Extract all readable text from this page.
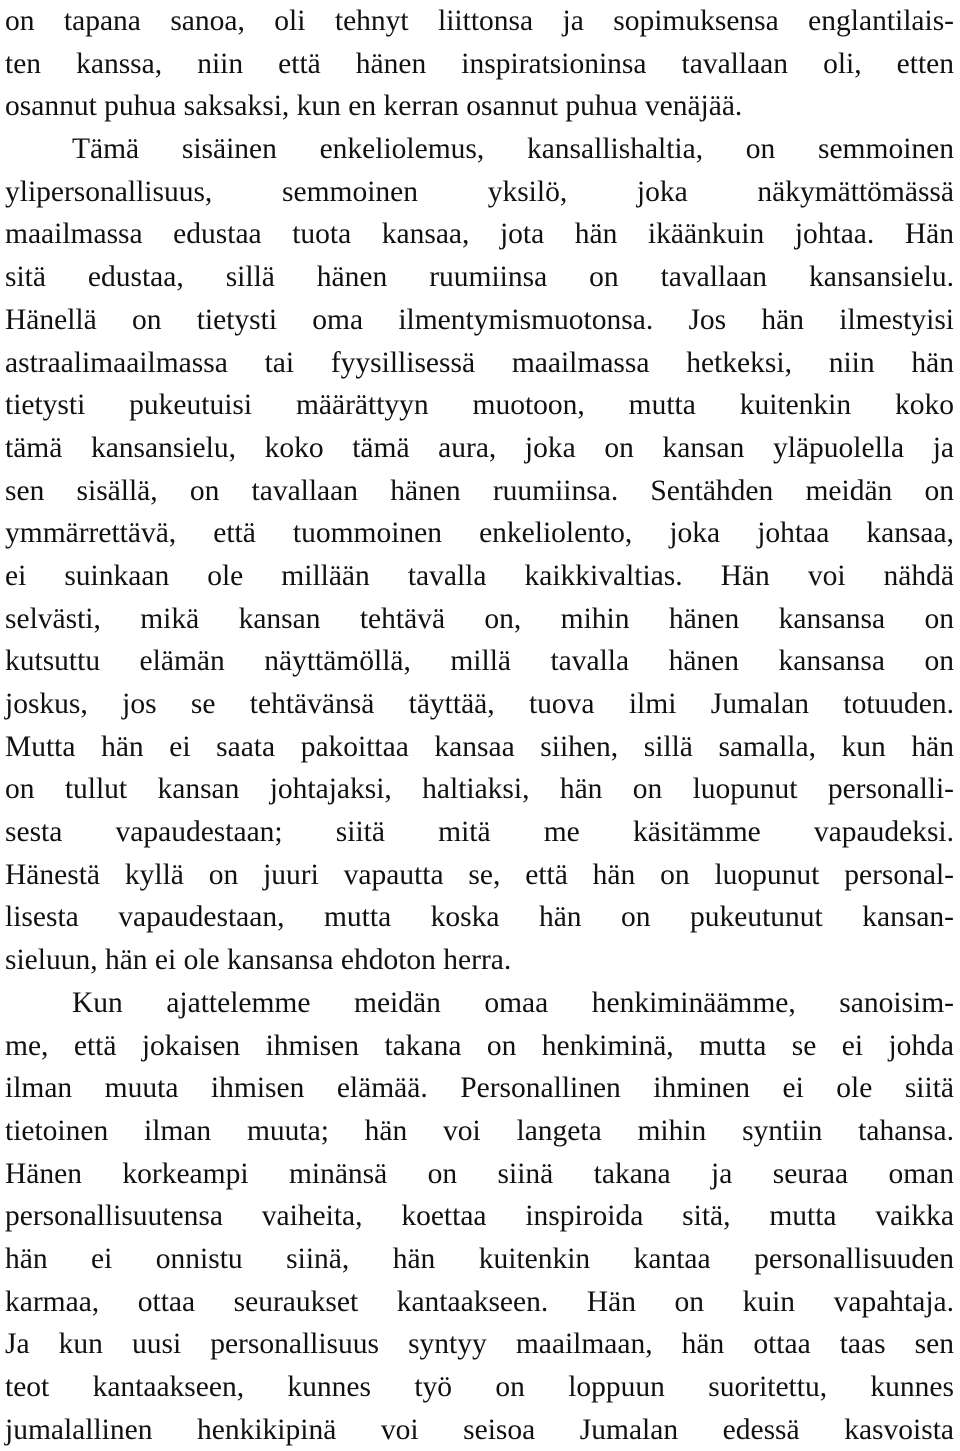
on tapana sanoa, oli tehnyt liittonsa ja sopimuksensa englantilais-
ten kanssa, niin että hänen inspiratsioninsa tavallaan oli, etten
osannut puhua saksaksi, kun en kerran osannut puhua venäjää.
Tämä sisäinen enkeliolemus, kansallishaltia, on semmoinen
ylipersonallisuus, semmoinen yksilö, joka näkymättömässä
maailmassa edustaa tuota kansaa, jota hän ikäänkuin johtaa. Hän
sitä edustaa, sillä hänen ruumiinsa on tavallaan kansansielu.
Hänellä on tietysti oma ilmentymismuotonsa. Jos hän ilmestyisi
astraalimaailmassa tai fyysillisessä maailmassa hetkeksi, niin hän
tietysti pukeutuisi määrättyyn muotoon, mutta kuitenkin koko
tämä kansansielu, koko tämä aura, joka on kansan yläpuolella ja
sen sisällä, on tavallaan hänen ruumiinsa. Sentähden meidän on
ymmärrettävä, että tuommoinen enkeliolento, joka johtaa kansaa,
ei suinkaan ole millään tavalla kaikkivaltias. Hän voi nähdä
selvästi, mikä kansan tehtävä on, mihin hänen kansansa on
kutsuttu elämän näyttämöllä, millä tavalla hänen kansansa on
joskus, jos se tehtävänsä täyttää, tuova ilmi Jumalan totuuden.
Mutta hän ei saata pakoittaa kansaa siihen, sillä samalla, kun hän
on tullut kansan johtajaksi, haltiaksi, hän on luopunut personalli-
sesta vapaudestaan; siitä mitä me käsitämme vapaudeksi.
Hänestä kyllä on juuri vapautta se, että hän on luopunut personal-
lisesta vapaudestaan, mutta koska hän on pukeutunut kansan-
sieluun, hän ei ole kansansa ehdoton herra.
Kun ajattelemme meidän omaa henkiminäämme, sanoisim-
me, että jokaisen ihmisen takana on henkiminä, mutta se ei johda
ilman muuta ihmisen elämää. Personallinen ihminen ei ole siitä
tietoinen ilman muuta; hän voi langeta mihin syntiin tahansa.
Hänen korkeampi minänsä on siinä takana ja seuraa oman
personallisuutensa vaiheita, koettaa inspiroida sitä, mutta vaikka
hän ei onnistu siinä, hän kuitenkin kantaa personallisuuden
karmaa, ottaa seuraukset kantaakseen. Hän on kuin vapahtaja.
Ja kun uusi personallisuus syntyy maailmaan, hän ottaa taas sen
teot kantaakseen, kunnes työ on loppuun suoritettu, kunnes
jumalallinen henkikipinä voi seisoa Jumalan edessä kasvoista
